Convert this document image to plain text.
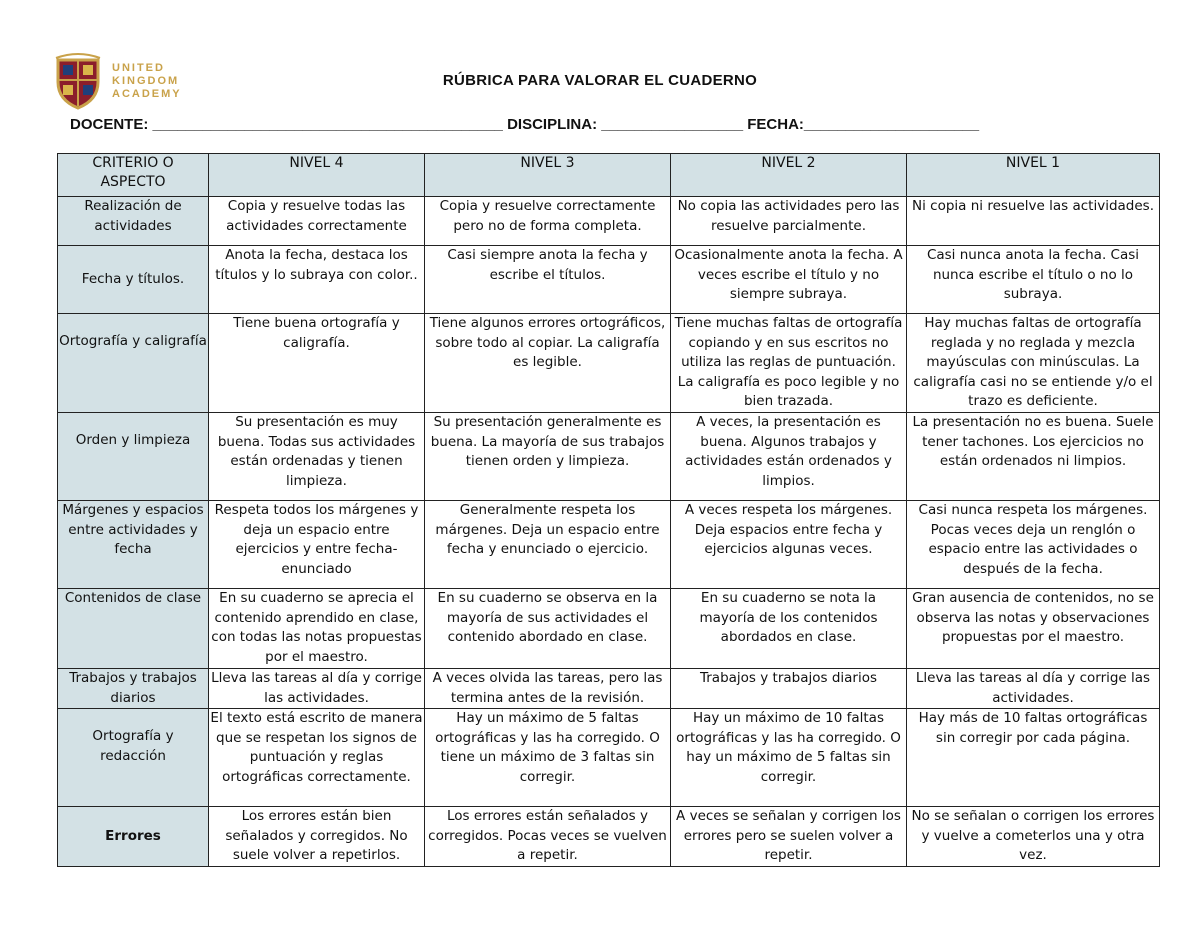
UNITED
KINGDOM
ACADEMY
RÚBRICA PARA VALORAR EL CUADERNO
DOCENTE: __________________________________________ DISCIPLINA: _________________ FECHA:_____________________
CRITERIO O ASPECTO	NIVEL 4	NIVEL 3	NIVEL 2	NIVEL 1
Realización de actividades	Copia y resuelve todas las actividades correctamente	Copia y resuelve correctamente pero no de forma completa.	No copia las actividades pero las resuelve parcialmente.	Ni copia ni resuelve las actividades.
Fecha y títulos.	Anota la fecha, destaca los títulos y lo subraya con color..	Casi siempre anota la fecha y escribe el títulos.	Ocasionalmente anota la fecha. A veces escribe el título y no siempre subraya.	Casi nunca anota la fecha. Casi nunca escribe el título o no lo subraya.
Ortografía y caligrafía	Tiene buena ortografía y caligrafía.	Tiene algunos errores ortográficos, sobre todo al copiar. La caligrafía es legible.	Tiene muchas faltas de ortografía copiando y en sus escritos no utiliza las reglas de puntuación. La caligrafía es poco legible y no bien trazada.	Hay muchas faltas de ortografía reglada y no reglada y mezcla mayúsculas con minúsculas. La caligrafía casi no se entiende y/o el trazo es deficiente.
Orden y limpieza	Su presentación es muy buena. Todas sus actividades están ordenadas y tienen limpieza.	Su presentación generalmente es buena. La mayoría de sus trabajos tienen orden y limpieza.	A veces, la presentación es buena. Algunos trabajos y actividades están ordenados y limpios.	La presentación no es buena. Suele tener tachones. Los ejercicios no están ordenados ni limpios.
Márgenes y espacios entre actividades y fecha	Respeta todos los márgenes y deja un espacio entre ejercicios y entre fecha-enunciado	Generalmente respeta los márgenes. Deja un espacio entre fecha y enunciado o ejercicio.	A veces respeta los márgenes. Deja espacios entre fecha y ejercicios algunas veces.	Casi nunca respeta los márgenes. Pocas veces deja un renglón o espacio entre las actividades o después de la fecha.
Contenidos de clase	En su cuaderno se aprecia el contenido aprendido en clase, con todas las notas propuestas por el maestro.	En su cuaderno se observa en la mayoría de sus actividades el contenido abordado en clase.	En su cuaderno se nota la mayoría de los contenidos abordados en clase.	Gran ausencia de contenidos, no se observa las notas y observaciones propuestas por el maestro.
Trabajos y trabajos diarios	Lleva las tareas al día y corrige las actividades.	A veces olvida las tareas, pero las termina antes de la revisión.	Trabajos y trabajos diarios	Lleva las tareas al día y corrige las actividades.
Ortografía y redacción	El texto está escrito de manera que se respetan los signos de puntuación y reglas ortográficas correctamente.	Hay un máximo de 5 faltas ortográficas y las ha corregido. O tiene un máximo de 3 faltas sin corregir.	Hay un máximo de 10 faltas ortográficas y las ha corregido. O hay un máximo de 5 faltas sin corregir.	Hay más de 10 faltas ortográficas sin corregir por cada página.
Errores	Los errores están bien señalados y corregidos. No suele volver a repetirlos.	Los errores están señalados y corregidos. Pocas veces se vuelven a repetir.	A veces se señalan y corrigen los errores pero se suelen volver a repetir.	No se señalan o corrigen los errores y vuelve a cometerlos una y otra vez.
